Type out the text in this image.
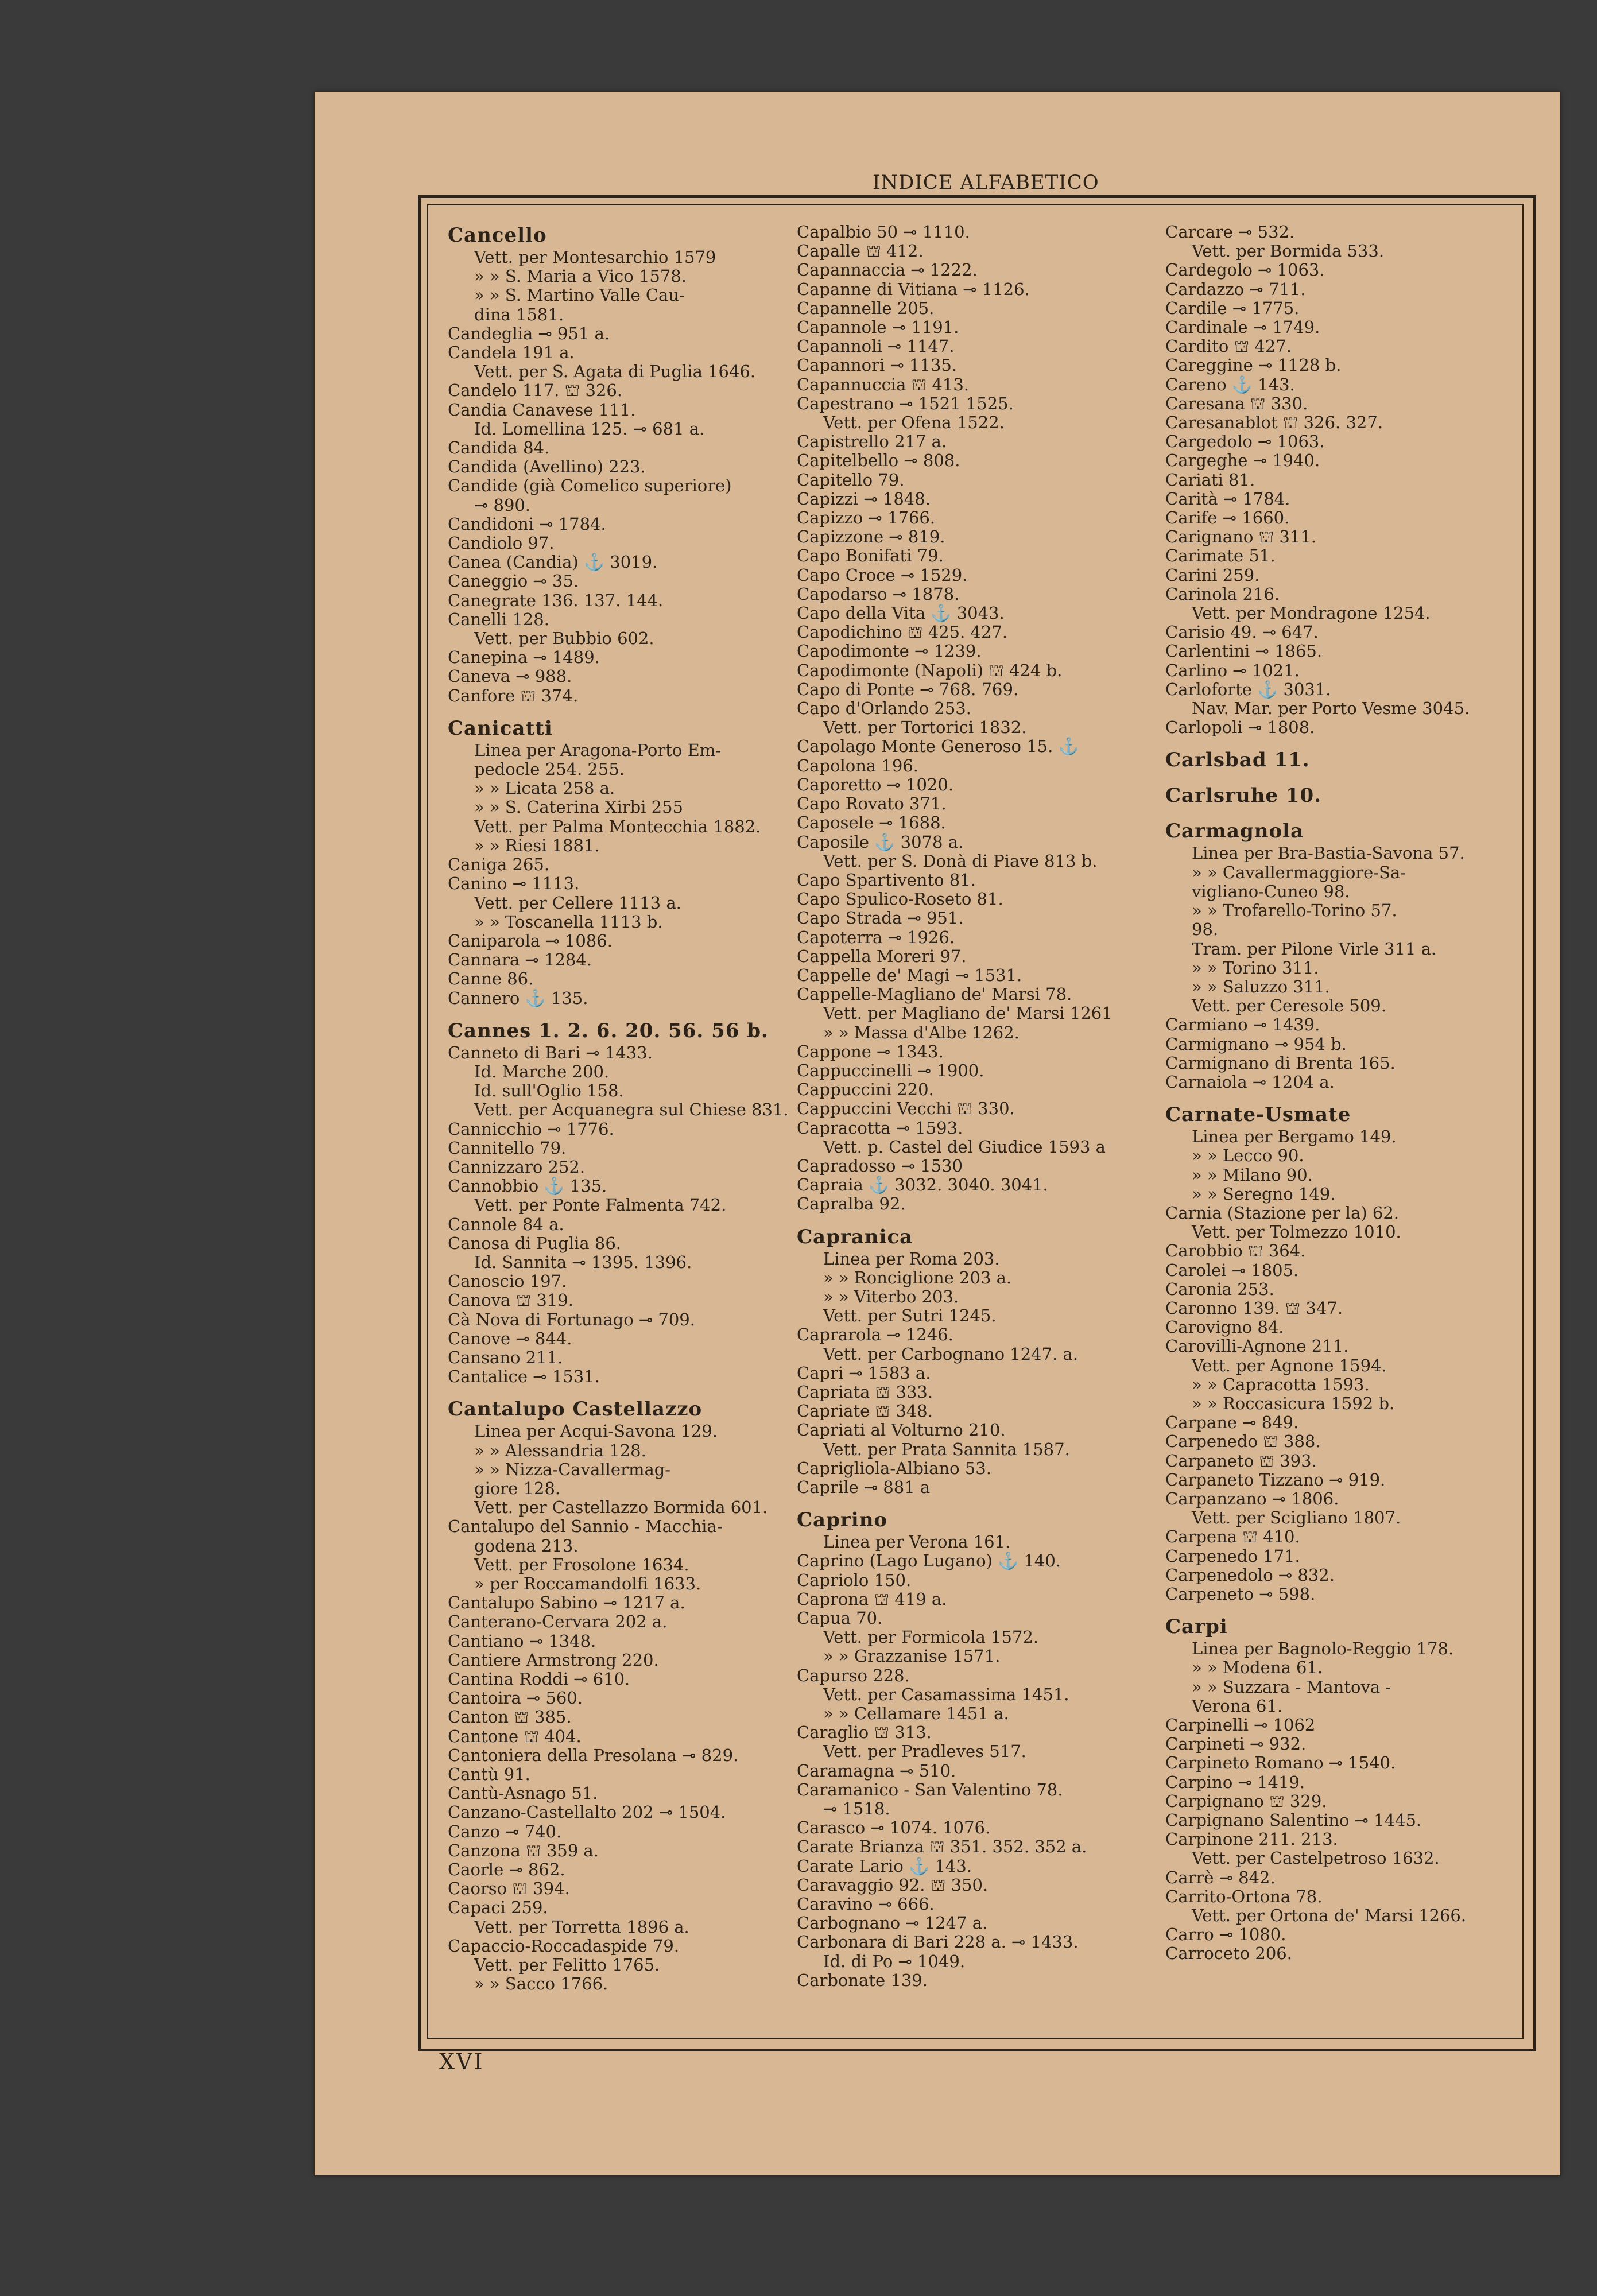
INDICE ALFABETICO
Cancello
Vett. per Montesarchio 1579
» » S. Maria a Vico 1578.
» » S. Martino Valle Cau-
dina 1581.
Candeglia ⊸ 951 a.
Candela 191 a.
Vett. per S. Agata di Puglia 1646.
Candelo 117. ⛫ 326.
Candia Canavese 111.
Id. Lomellina 125. ⊸ 681 a.
Candida 84.
Candida (Avellino) 223.
Candide (già Comelico superiore)
⊸ 890.
Candidoni ⊸ 1784.
Candiolo 97.
Canea (Candia) ⚓ 3019.
Caneggio ⊸ 35.
Canegrate 136. 137. 144.
Canelli 128.
Vett. per Bubbio 602.
Canepina ⊸ 1489.
Caneva ⊸ 988.
Canfore ⛫ 374.
Canicatti
Linea per Aragona-Porto Em-
pedocle 254. 255.
» » Licata 258 a.
» » S. Caterina Xirbi 255
Vett. per Palma Montecchia 1882.
» » Riesi 1881.
Caniga 265.
Canino ⊸ 1113.
Vett. per Cellere 1113 a.
» » Toscanella 1113 b.
Caniparola ⊸ 1086.
Cannara ⊸ 1284.
Canne 86.
Cannero ⚓ 135.
Cannes 1. 2. 6. 20. 56. 56 b.
Canneto di Bari ⊸ 1433.
Id. Marche 200.
Id. sull'Oglio 158.
Vett. per Acquanegra sul Chiese 831.
Cannicchio ⊸ 1776.
Cannitello 79.
Cannizzaro 252.
Cannobbio ⚓ 135.
Vett. per Ponte Falmenta 742.
Cannole 84 a.
Canosa di Puglia 86.
Id. Sannita ⊸ 1395. 1396.
Canoscio 197.
Canova ⛫ 319.
Cà Nova di Fortunago ⊸ 709.
Canove ⊸ 844.
Cansano 211.
Cantalice ⊸ 1531.
Cantalupo Castellazzo
Linea per Acqui-Savona 129.
» » Alessandria 128.
» » Nizza-Cavallermag-
giore 128.
Vett. per Castellazzo Bormida 601.
Cantalupo del Sannio - Macchia-
godena 213.
Vett. per Frosolone 1634.
» per Roccamandolfi 1633.
Cantalupo Sabino ⊸ 1217 a.
Canterano-Cervara 202 a.
Cantiano ⊸ 1348.
Cantiere Armstrong 220.
Cantina Roddi ⊸ 610.
Cantoira ⊸ 560.
Canton ⛫ 385.
Cantone ⛫ 404.
Cantoniera della Presolana ⊸ 829.
Cantù 91.
Cantù-Asnago 51.
Canzano-Castellalto 202 ⊸ 1504.
Canzo ⊸ 740.
Canzona ⛫ 359 a.
Caorle ⊸ 862.
Caorso ⛫ 394.
Capaci 259.
Vett. per Torretta 1896 a.
Capaccio-Roccadaspide 79.
Vett. per Felitto 1765.
» » Sacco 1766.
Capalbio 50 ⊸ 1110.
Capalle ⛫ 412.
Capannaccia ⊸ 1222.
Capanne di Vitiana ⊸ 1126.
Capannelle 205.
Capannole ⊸ 1191.
Capannoli ⊸ 1147.
Capannori ⊸ 1135.
Capannuccia ⛫ 413.
Capestrano ⊸ 1521 1525.
Vett. per Ofena 1522.
Capistrello 217 a.
Capitelbello ⊸ 808.
Capitello 79.
Capizzi ⊸ 1848.
Capizzo ⊸ 1766.
Capizzone ⊸ 819.
Capo Bonifati 79.
Capo Croce ⊸ 1529.
Capodarso ⊸ 1878.
Capo della Vita ⚓ 3043.
Capodichino ⛫ 425. 427.
Capodimonte ⊸ 1239.
Capodimonte (Napoli) ⛫ 424 b.
Capo di Ponte ⊸ 768. 769.
Capo d'Orlando 253.
Vett. per Tortorici 1832.
Capolago Monte Generoso 15. ⚓
Capolona 196.
Caporetto ⊸ 1020.
Capo Rovato 371.
Caposele ⊸ 1688.
Caposile ⚓ 3078 a.
Vett. per S. Donà di Piave 813 b.
Capo Spartivento 81.
Capo Spulico-Roseto 81.
Capo Strada ⊸ 951.
Capoterra ⊸ 1926.
Cappella Moreri 97.
Cappelle de' Magi ⊸ 1531.
Cappelle-Magliano de' Marsi 78.
Vett. per Magliano de' Marsi 1261
» » Massa d'Albe 1262.
Cappone ⊸ 1343.
Cappuccinelli ⊸ 1900.
Cappuccini 220.
Cappuccini Vecchi ⛫ 330.
Capracotta ⊸ 1593.
Vett. p. Castel del Giudice 1593 a
Capradosso ⊸ 1530
Capraia ⚓ 3032. 3040. 3041.
Capralba 92.
Capranica
Linea per Roma 203.
» » Ronciglione 203 a.
» » Viterbo 203.
Vett. per Sutri 1245.
Caprarola ⊸ 1246.
Vett. per Carbognano 1247. a.
Capri ⊸ 1583 a.
Capriata ⛫ 333.
Capriate ⛫ 348.
Capriati al Volturno 210.
Vett. per Prata Sannita 1587.
Caprigliola-Albiano 53.
Caprile ⊸ 881 a
Caprino
Linea per Verona 161.
Caprino (Lago Lugano) ⚓ 140.
Capriolo 150.
Caprona ⛫ 419 a.
Capua 70.
Vett. per Formicola 1572.
» » Grazzanise 1571.
Capurso 228.
Vett. per Casamassima 1451.
» » Cellamare 1451 a.
Caraglio ⛫ 313.
Vett. per Pradleves 517.
Caramagna ⊸ 510.
Caramanico - San Valentino 78.
⊸ 1518.
Carasco ⊸ 1074. 1076.
Carate Brianza ⛫ 351. 352. 352 a.
Carate Lario ⚓ 143.
Caravaggio 92. ⛫ 350.
Caravino ⊸ 666.
Carbognano ⊸ 1247 a.
Carbonara di Bari 228 a. ⊸ 1433.
Id. di Po ⊸ 1049.
Carbonate 139.
Carcare ⊸ 532.
Vett. per Bormida 533.
Cardegolo ⊸ 1063.
Cardazzo ⊸ 711.
Cardile ⊸ 1775.
Cardinale ⊸ 1749.
Cardito ⛫ 427.
Careggine ⊸ 1128 b.
Careno ⚓ 143.
Caresana ⛫ 330.
Caresanablot ⛫ 326. 327.
Cargedolo ⊸ 1063.
Cargeghe ⊸ 1940.
Cariati 81.
Carità ⊸ 1784.
Carife ⊸ 1660.
Carignano ⛫ 311.
Carimate 51.
Carini 259.
Carinola 216.
Vett. per Mondragone 1254.
Carisio 49. ⊸ 647.
Carlentini ⊸ 1865.
Carlino ⊸ 1021.
Carloforte ⚓ 3031.
Nav. Mar. per Porto Vesme 3045.
Carlopoli ⊸ 1808.
Carlsbad 11.
Carlsruhe 10.
Carmagnola
Linea per Bra-Bastia-Savona 57.
» » Cavallermaggiore-Sa-
vigliano-Cuneo 98.
» » Trofarello-Torino 57.
98.
Tram. per Pilone Virle 311 a.
» » Torino 311.
» » Saluzzo 311.
Vett. per Ceresole 509.
Carmiano ⊸ 1439.
Carmignano ⊸ 954 b.
Carmignano di Brenta 165.
Carnaiola ⊸ 1204 a.
Carnate-Usmate
Linea per Bergamo 149.
» » Lecco 90.
» » Milano 90.
» » Seregno 149.
Carnia (Stazione per la) 62.
Vett. per Tolmezzo 1010.
Carobbio ⛫ 364.
Carolei ⊸ 1805.
Caronia 253.
Caronno 139. ⛫ 347.
Carovigno 84.
Carovilli-Agnone 211.
Vett. per Agnone 1594.
» » Capracotta 1593.
» » Roccasicura 1592 b.
Carpane ⊸ 849.
Carpenedo ⛫ 388.
Carpaneto ⛫ 393.
Carpaneto Tizzano ⊸ 919.
Carpanzano ⊸ 1806.
Vett. per Scigliano 1807.
Carpena ⛫ 410.
Carpenedo 171.
Carpenedolo ⊸ 832.
Carpeneto ⊸ 598.
Carpi
Linea per Bagnolo-Reggio 178.
» » Modena 61.
» » Suzzara - Mantova -
Verona 61.
Carpinelli ⊸ 1062
Carpineti ⊸ 932.
Carpineto Romano ⊸ 1540.
Carpino ⊸ 1419.
Carpignano ⛫ 329.
Carpignano Salentino ⊸ 1445.
Carpinone 211. 213.
Vett. per Castelpetroso 1632.
Carrè ⊸ 842.
Carrito-Ortona 78.
Vett. per Ortona de' Marsi 1266.
Carro ⊸ 1080.
Carroceto 206.
XVI
